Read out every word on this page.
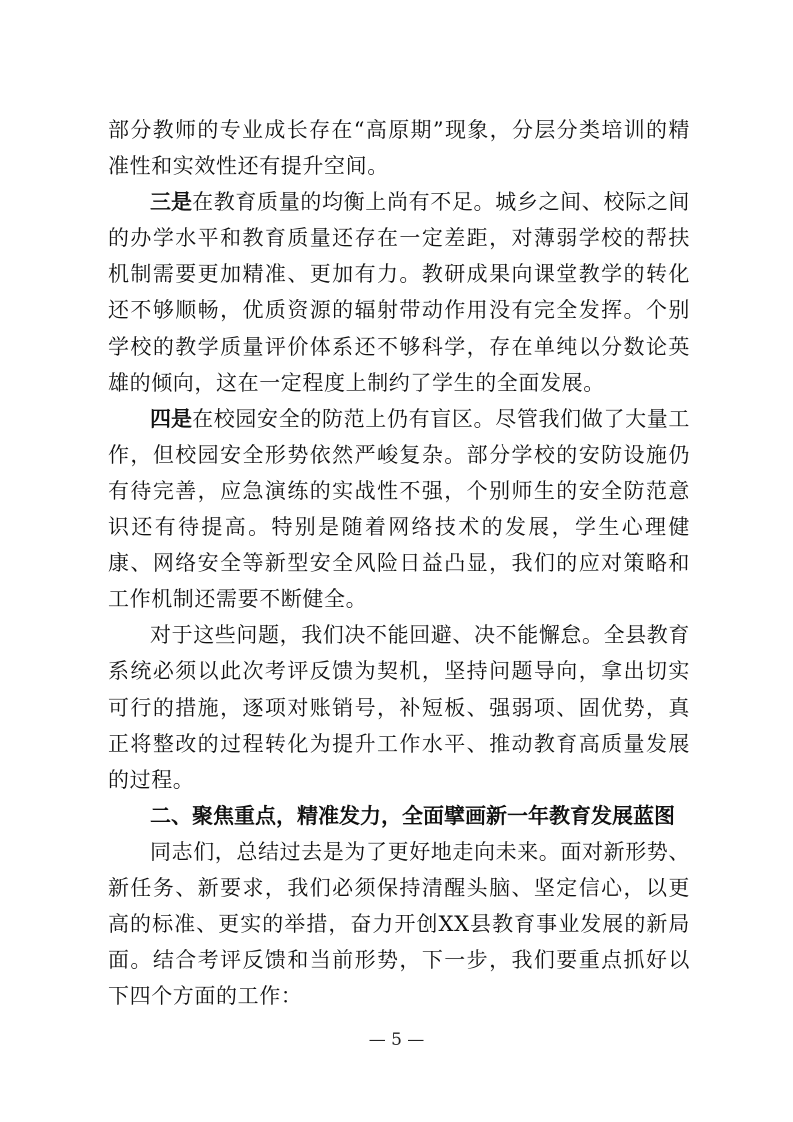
部分教师的专业成长存在“高原期”现象，分层分类培训的精准性和实效性还有提升空间。

三是在教育质量的均衡上尚有不足。城乡之间、校际之间的办学水平和教育质量还存在一定差距，对薄弱学校的帮扶机制需要更加精准、更加有力。教研成果向课堂教学的转化还不够顺畅，优质资源的辐射带动作用没有完全发挥。个别学校的教学质量评价体系还不够科学，存在单纯以分数论英雄的倾向，这在一定程度上制约了学生的全面发展。

四是在校园安全的防范上仍有盲区。尽管我们做了大量工作，但校园安全形势依然严峻复杂。部分学校的安防设施仍有待完善，应急演练的实战性不强，个别师生的安全防范意识还有待提高。特别是随着网络技术的发展，学生心理健康、网络安全等新型安全风险日益凸显，我们的应对策略和工作机制还需要不断健全。

对于这些问题，我们决不能回避、决不能懈怠。全县教育系统必须以此次考评反馈为契机，坚持问题导向，拿出切实可行的措施，逐项对账销号，补短板、强弱项、固优势，真正将整改的过程转化为提升工作水平、推动教育高质量发展的过程。

二、聚焦重点，精准发力，全面擘画新一年教育发展蓝图

同志们，总结过去是为了更好地走向未来。面对新形势、新任务、新要求，我们必须保持清醒头脑、坚定信心，以更高的标准、更实的举措，奋力开创XX县教育事业发展的新局面。结合考评反馈和当前形势，下一步，我们要重点抓好以下四个方面的工作：

— 5 —
